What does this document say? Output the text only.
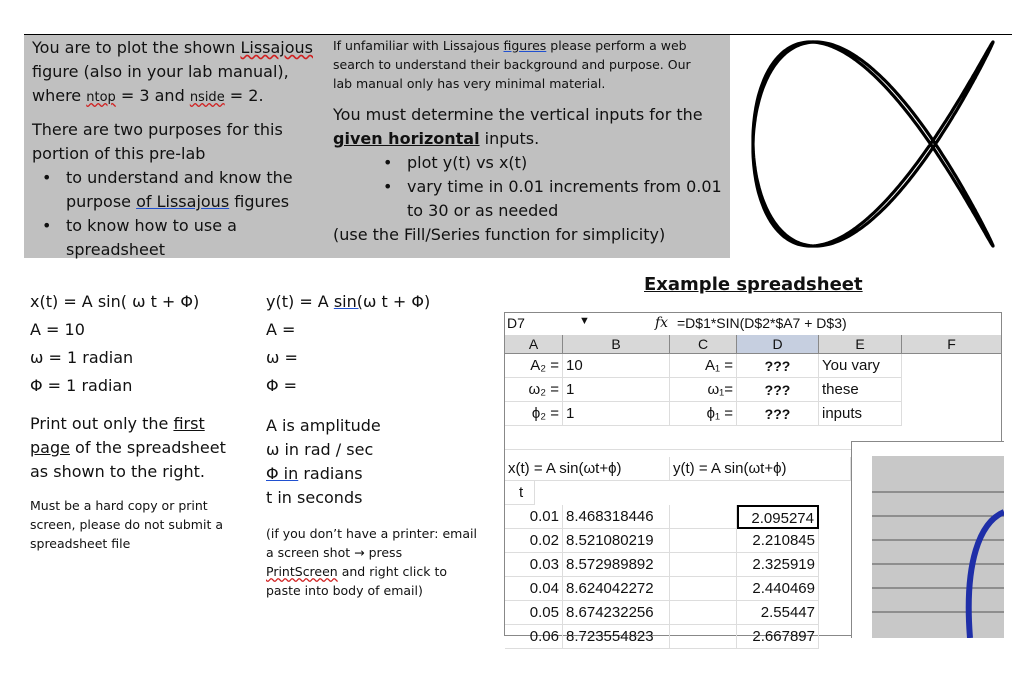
You are to plot the shown Lissajous
figure (also in your lab manual),
where ntop = 3 and nside = 2.
There are two purposes for this
portion of this pre-lab
• to understand and know the
purpose of Lissajous figures
• to know how to use a
spreadsheet
If unfamiliar with Lissajous figures please perform a web
search to understand their background and purpose. Our
lab manual only has very minimal material.
You must determine the vertical inputs for the
given horizontal inputs.
• plot y(t) vs x(t)
• vary time in 0.01 increments from 0.01
to 30 or as needed
(use the Fill/Series function for simplicity)
x(t) = A sin( ω t + Φ)
A = 10
ω = 1 radian
Φ = 1 radian
y(t) = A sin(ω t + Φ)
A =
ω =
Φ =
Print out only the first
page of the spreadsheet
as shown to the right.
Must be a hard copy or print
screen, please do not submit a
spreadsheet file
A is amplitude
ω in rad / sec
Φ in radians
t in seconds
(if you don’t have a printer: email
a screen shot → press
PrintScreen and right click to
paste into body of email)
Example spreadsheet
D7	▼	fx =D$1*SIN(D$2*$A7 + D$3)
A	B	C	D	E	F
A₂ = 10	A₁ =	???	You vary
ω₂ = 1	ω₁=	???	these
ϕ₂ = 1	ϕ₁ =	???	inputs
x(t) = A sin(ωt+ϕ)	y(t) = A sin(ωt+ϕ)
t
0.01 8.468318446	2.095274
0.02 8.521080219	2.210845
0.03 8.572989892	2.325919
0.04 8.624042272	2.440469
0.05 8.674232256	2.55447
0.06 8.723554823	2.667897
